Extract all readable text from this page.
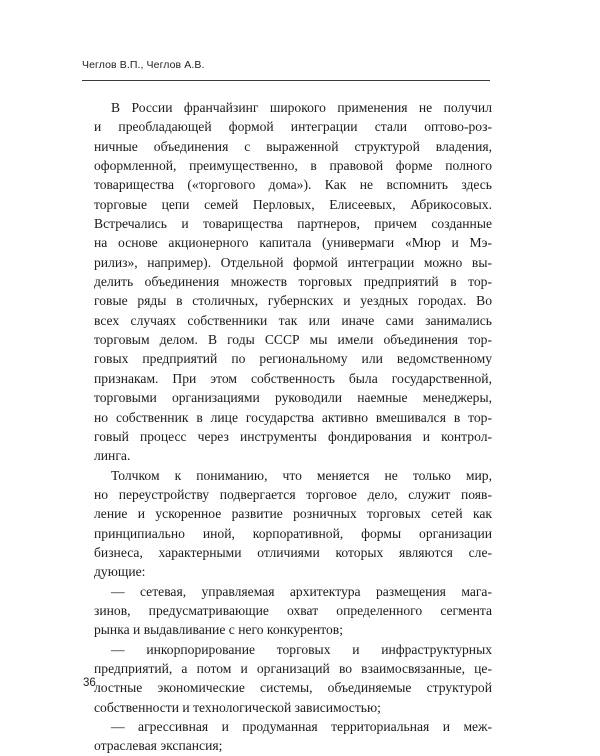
Чеглов В.П., Чеглов А.В.

В России франчайзинг широкого применения не получил

и преобладающей формой интеграции стали оптово-роз-

ничные объединения с выраженной структурой владения,

оформленной, преимущественно, в правовой форме полного

товарищества («торгового дома»). Как не вспомнить здесь

торговые цепи семей Перловых, Елисеевых, Абрикосовых.

Встречались и товарищества партнеров, причем созданные

на основе акционерного капитала (универмаги «Мюр и Мэ-

рилиз», например). Отдельной формой интеграции можно вы-

делить объединения множеств торговых предприятий в тор-

говые ряды в столичных, губернских и уездных городах. Во

всех случаях собственники так или иначе сами занимались

торговым делом. В годы СССР мы имели объединения тор-

говых предприятий по региональному или ведомственному

признакам. При этом собственность была государственной,

торговыми организациями руководили наемные менеджеры,

но собственник в лице государства активно вмешивался в тор-

говый процесс через инструменты фондирования и контрол-

линга.

Толчком к пониманию, что меняется не только мир,

но переустройству подвергается торговое дело, служит появ-

ление и ускоренное развитие розничных торговых сетей как

принципиально иной, корпоративной, формы организации

бизнеса, характерными отличиями которых являются сле-

дующие:

— сетевая, управляемая архитектура размещения мага-

зинов, предусматривающие охват определенного сегмента

рынка и выдавливание с него конкурентов;

— инкорпорирование торговых и инфраструктурных

предприятий, а потом и организаций во взаимосвязанные, це-

лостные экономические системы, объединяемые структурой

собственности и технологической зависимостью;

— агрессивная и продуманная территориальная и меж-

отраслевая экспансия;

36
